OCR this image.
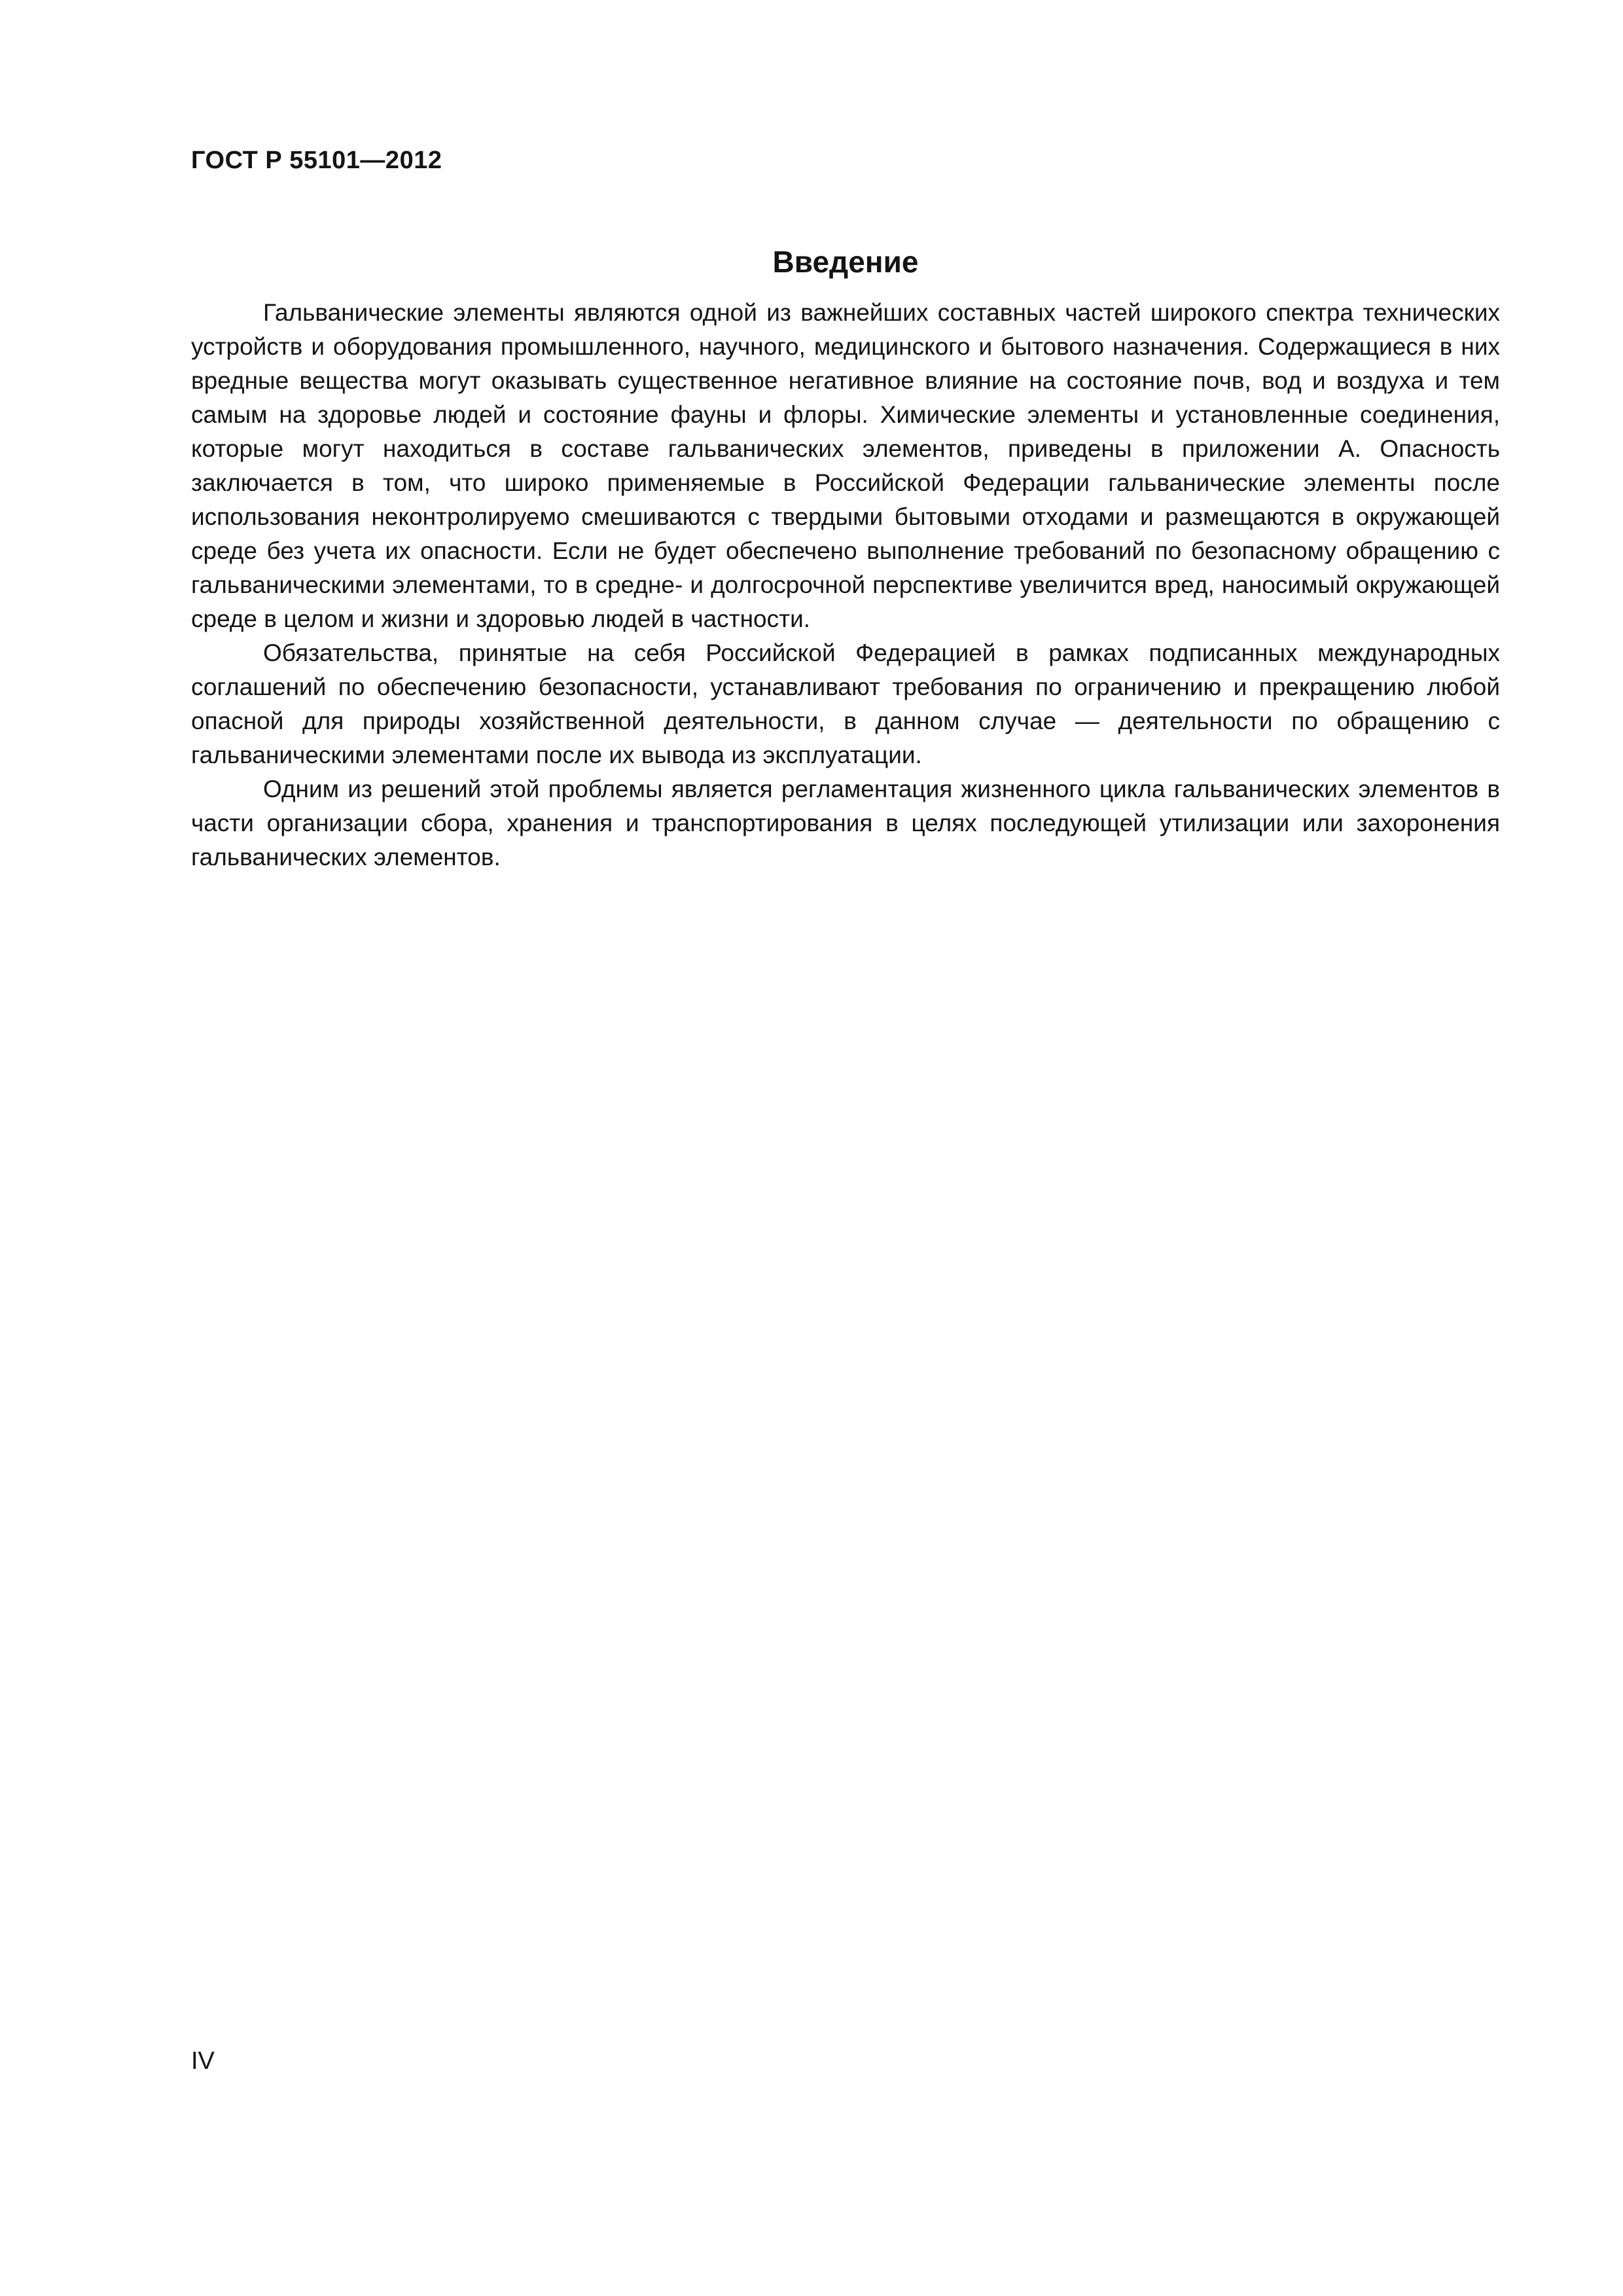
ГОСТ Р 55101—2012
Введение

Гальванические элементы являются одной из важнейших составных частей широкого спектра технических устройств и оборудования промышленного, научного, медицинского и бытового назначения. Содержащиеся в них вредные вещества могут оказывать существенное негативное влияние на состояние почв, вод и воздуха и тем самым на здоровье людей и состояние фауны и флоры. Химические элементы и установленные соединения, которые могут находиться в составе гальванических элементов, приведены в приложении А. Опасность заключается в том, что широко применяемые в Российской Федерации гальванические элементы после использования неконтролируемо смешиваются с твердыми бытовыми отходами и размещаются в окружающей среде без учета их опасности. Если не будет обеспечено выполнение требований по безопасному обращению с гальваническими элементами, то в средне- и долгосрочной перспективе увеличится вред, наносимый окружающей среде в целом и жизни и здоровью людей в частности.

Обязательства, принятые на себя Российской Федерацией в рамках подписанных международных соглашений по обеспечению безопасности, устанавливают требования по ограничению и прекращению любой опасной для природы хозяйственной деятельности, в данном случае — деятельности по обращению с гальваническими элементами после их вывода из эксплуатации.

Одним из решений этой проблемы является регламентация жизненного цикла гальванических элементов в части организации сбора, хранения и транспортирования в целях последующей утилизации или захоронения гальванических элементов.

IV
